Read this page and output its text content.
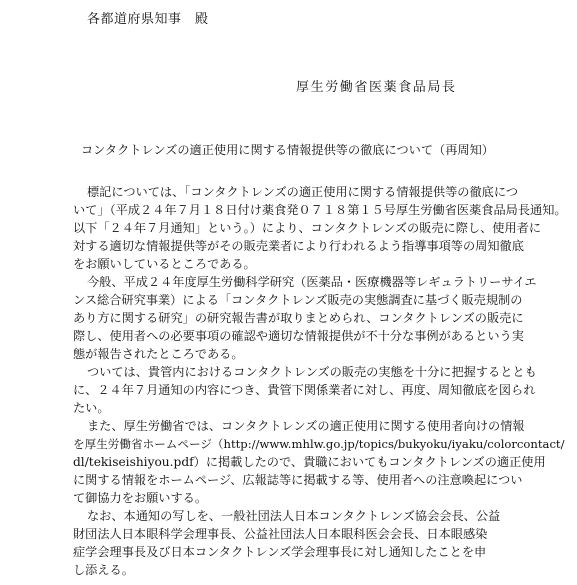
各都道府県知事　殿
厚生労働省医薬食品局長
コンタクトレンズの適正使用に関する情報提供等の徹底について（再周知）
標記については、「コンタクトレンズの適正使用に関する情報提供等の徹底につ
いて」（平成２４年７月１８日付け薬食発０７１８第１５号厚生労働省医薬食品局長通知。
以下「２４年７月通知」という。）により、コンタクトレンズの販売に際し、使用者に
対する適切な情報提供等がその販売業者により行われるよう指導事項等の周知徹底
をお願いしているところである。
今般、平成２４年度厚生労働科学研究（医薬品・医療機器等レギュラトリーサイエ
ンス総合研究事業）による「コンタクトレンズ販売の実態調査に基づく販売規制の
あり方に関する研究」の研究報告書が取りまとめられ、コンタクトレンズの販売に
際し、使用者への必要事項の確認や適切な情報提供が不十分な事例があるという実
態が報告されたところである。
ついては、貴管内におけるコンタクトレンズの販売の実態を十分に把握するととも
に、２４年７月通知の内容につき、貴管下関係業者に対し、再度、周知徹底を図られ
たい。
また、厚生労働省では、コンタクトレンズの適正使用に関する使用者向けの情報
を厚生労働省ホームページ（http://www.mhlw.go.jp/topics/bukyoku/iyaku/colorcontact/
dl/tekiseishiyou.pdf）に掲載したので、貴職においてもコンタクトレンズの適正使用
に関する情報をホームページ、広報誌等に掲載する等、使用者への注意喚起につい
て御協力をお願いする。
なお、本通知の写しを、一般社団法人日本コンタクトレンズ協会会長、公益
財団法人日本眼科学会理事長、公益社団法人日本眼科医会会長、日本眼感染
症学会理事長及び日本コンタクトレンズ学会理事長に対し通知したことを申
し添える。
